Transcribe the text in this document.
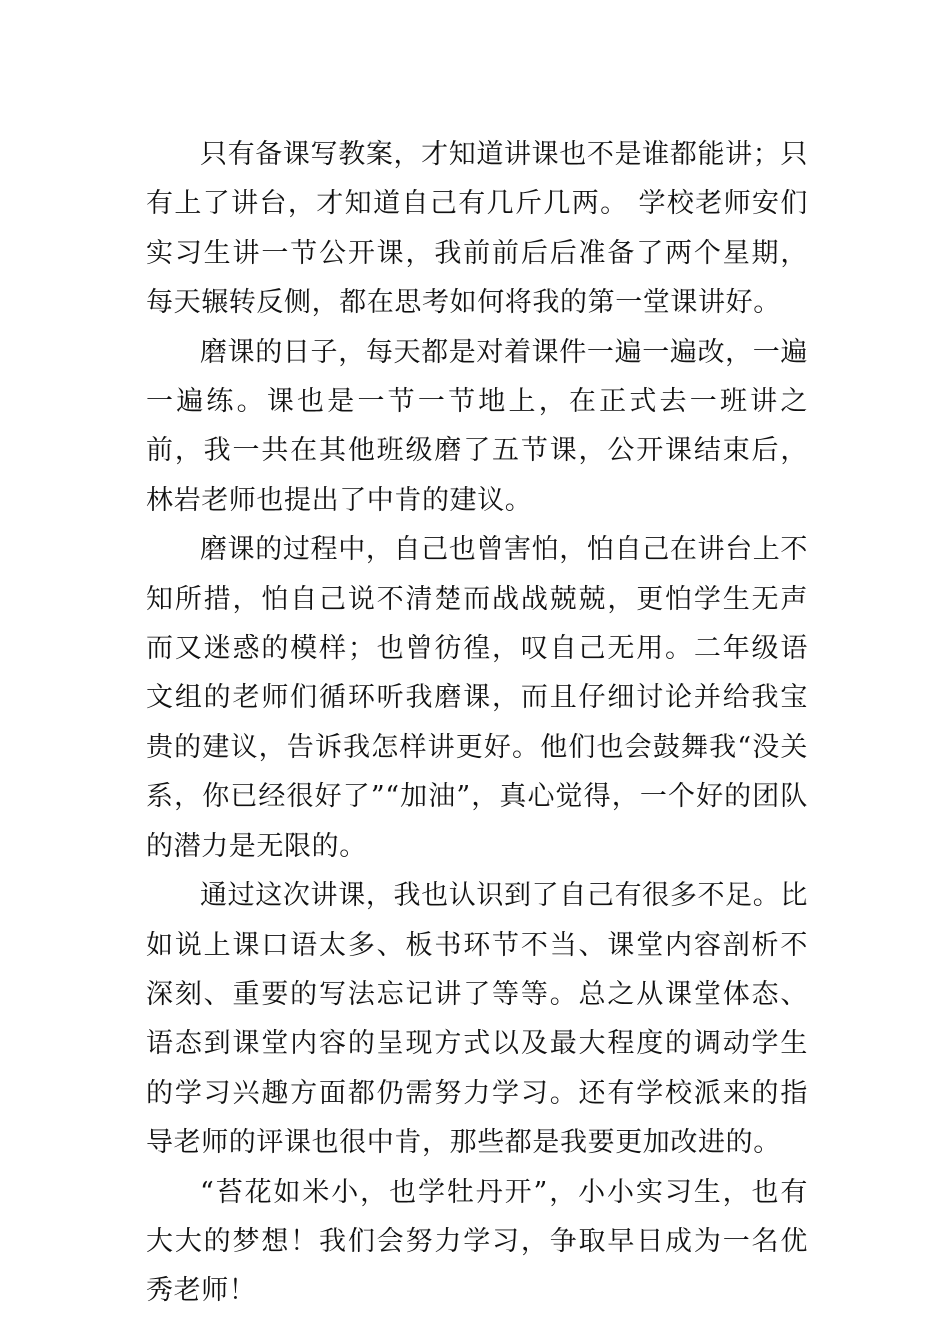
只有备课写教案，才知道讲课也不是谁都能讲；只有上了讲台，才知道自己有几斤几两。 学校老师安们实习生讲一节公开课，我前前后后准备了两个星期，每天辗转反侧，都在思考如何将我的第一堂课讲好。

磨课的日子，每天都是对着课件一遍一遍改，一遍一遍练。课也是一节一节地上，在正式去一班讲之前，我一共在其他班级磨了五节课，公开课结束后，林岩老师也提出了中肯的建议。

磨课的过程中，自己也曾害怕，怕自己在讲台上不知所措，怕自己说不清楚而战战兢兢，更怕学生无声而又迷惑的模样；也曾彷徨，叹自己无用。二年级语文组的老师们循环听我磨课，而且仔细讨论并给我宝贵的建议，告诉我怎样讲更好。他们也会鼓舞我“没关系，你已经很好了”“加油”，真心觉得，一个好的团队的潜力是无限的。

通过这次讲课，我也认识到了自己有很多不足。比如说上课口语太多、板书环节不当、课堂内容剖析不深刻、重要的写法忘记讲了等等。总之从课堂体态、语态到课堂内容的呈现方式以及最大程度的调动学生的学习兴趣方面都仍需努力学习。还有学校派来的指导老师的评课也很中肯，那些都是我要更加改进的。

“苔花如米小，也学牡丹开”，小小实习生，也有大大的梦想！我们会努力学习，争取早日成为一名优秀老师！
